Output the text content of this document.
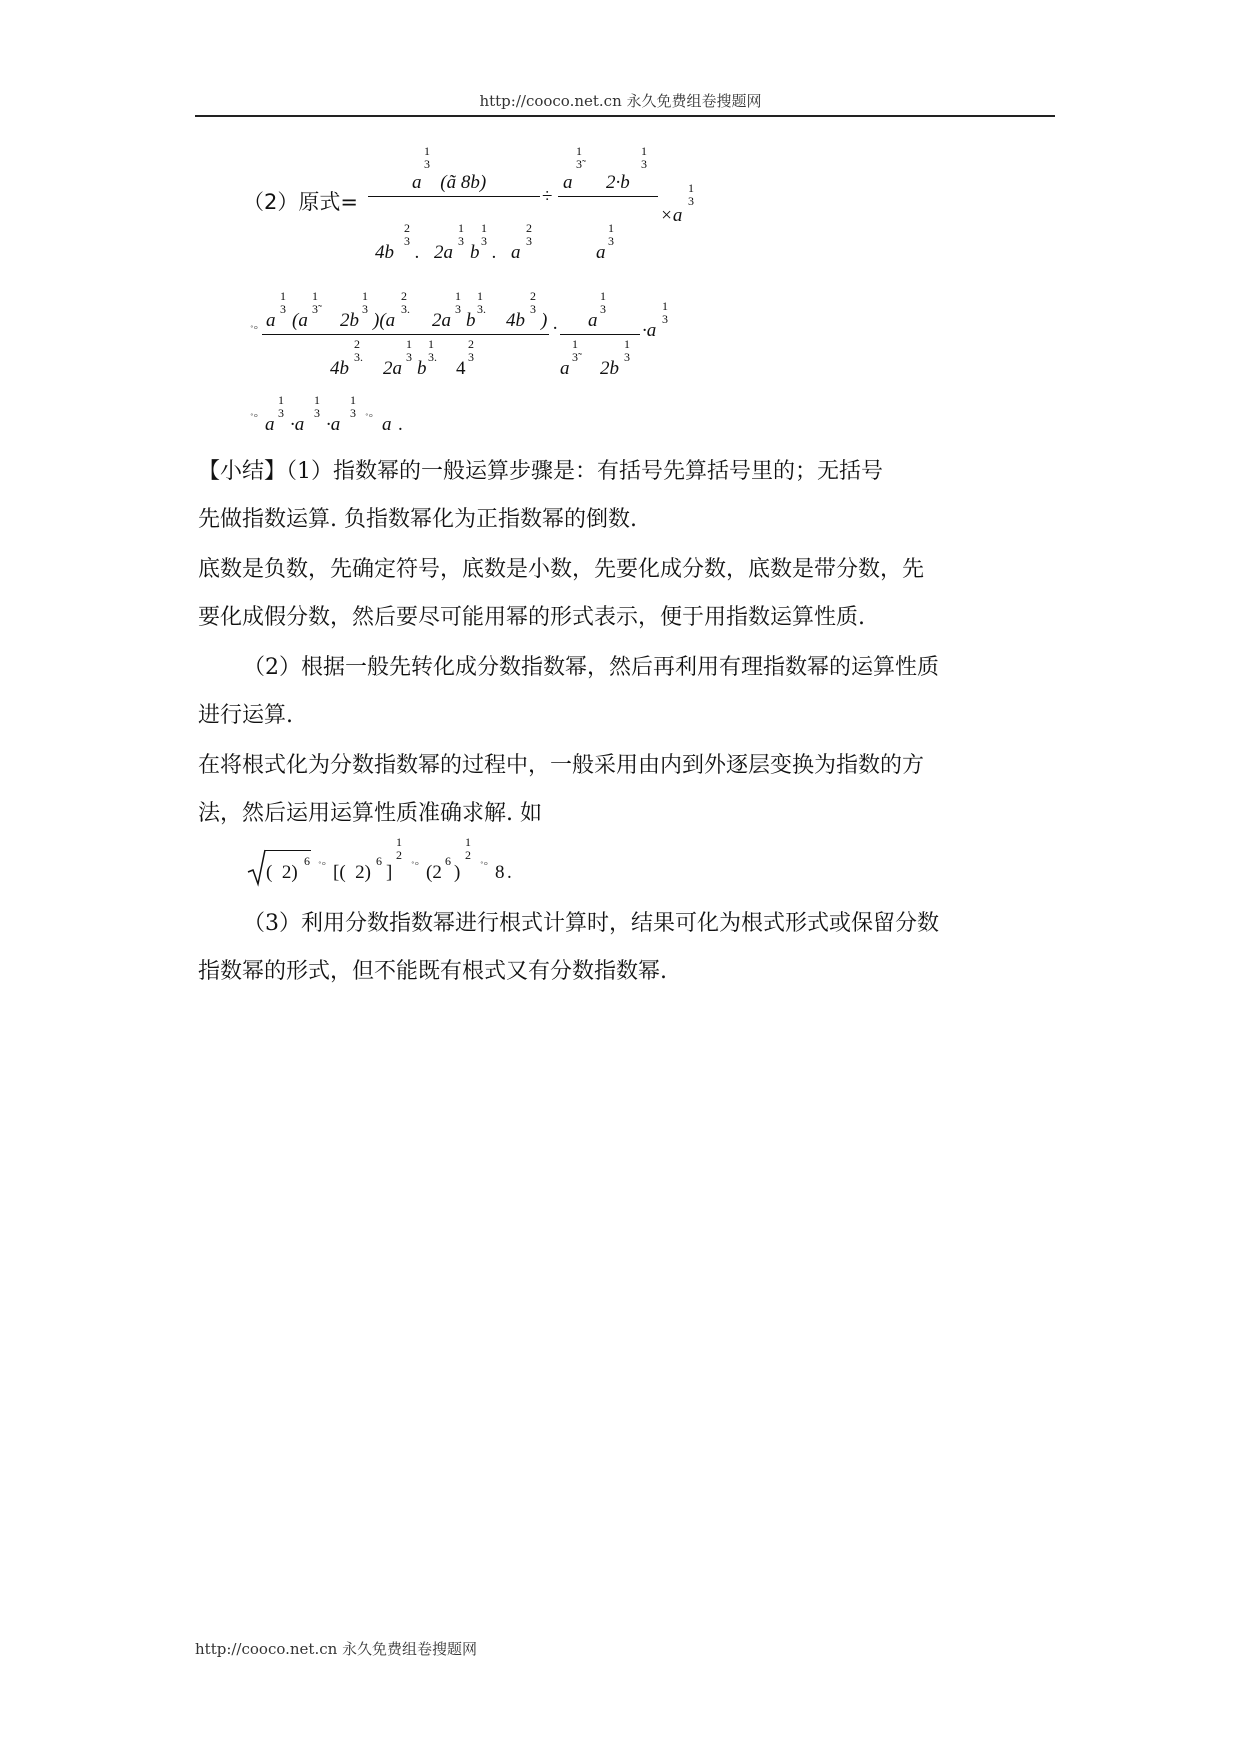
http://cooco.net.cn 永久免费组卷搜题网
（2）原式=
a
1
3
(ã 8b)
4b
2
3
.   2a
1
3
b
1
3
.   a
2
3
÷
a
1
3˜
2·b
1
3
a
1
3
×a
1
3
˚° a
1
3
(a
1
3˜
2b
1
3
)(a
2
3.
2a
1
3
b
1
3.
4b
2
3
)
4b
2
3.
2a
1
3
b
1
3.
4
2
3
· a
1
3
a
1
3˜
2b
1
3
·a
1
3
˚° a
1
3
·a
1
3
·a
1
3 ˚° a .
【小结】（1）指数幂的一般运算步骤是：有括号先算括号里的；无括号
先做指数运算. 负指数幂化为正指数幂的倒数.
底数是负数，先确定符号，底数是小数，先要化成分数，底数是带分数，先
要化成假分数，然后要尽可能用幂的形式表示，便于用指数运算性质.
（2）根据一般先转化成分数指数幂，然后再利用有理指数幂的运算性质
进行运算.
在将根式化为分数指数幂的过程中，一般采用由内到外逐层变换为指数的方
法，然后运用运算性质准确求解. 如
(  2)
6 ˚° [(  2)
6
]
1
2
˚° (2
6
)
1
2
˚° 8 .
（3）利用分数指数幂进行根式计算时，结果可化为根式形式或保留分数
指数幂的形式，但不能既有根式又有分数指数幂.
http://cooco.net.cn 永久免费组卷搜题网
